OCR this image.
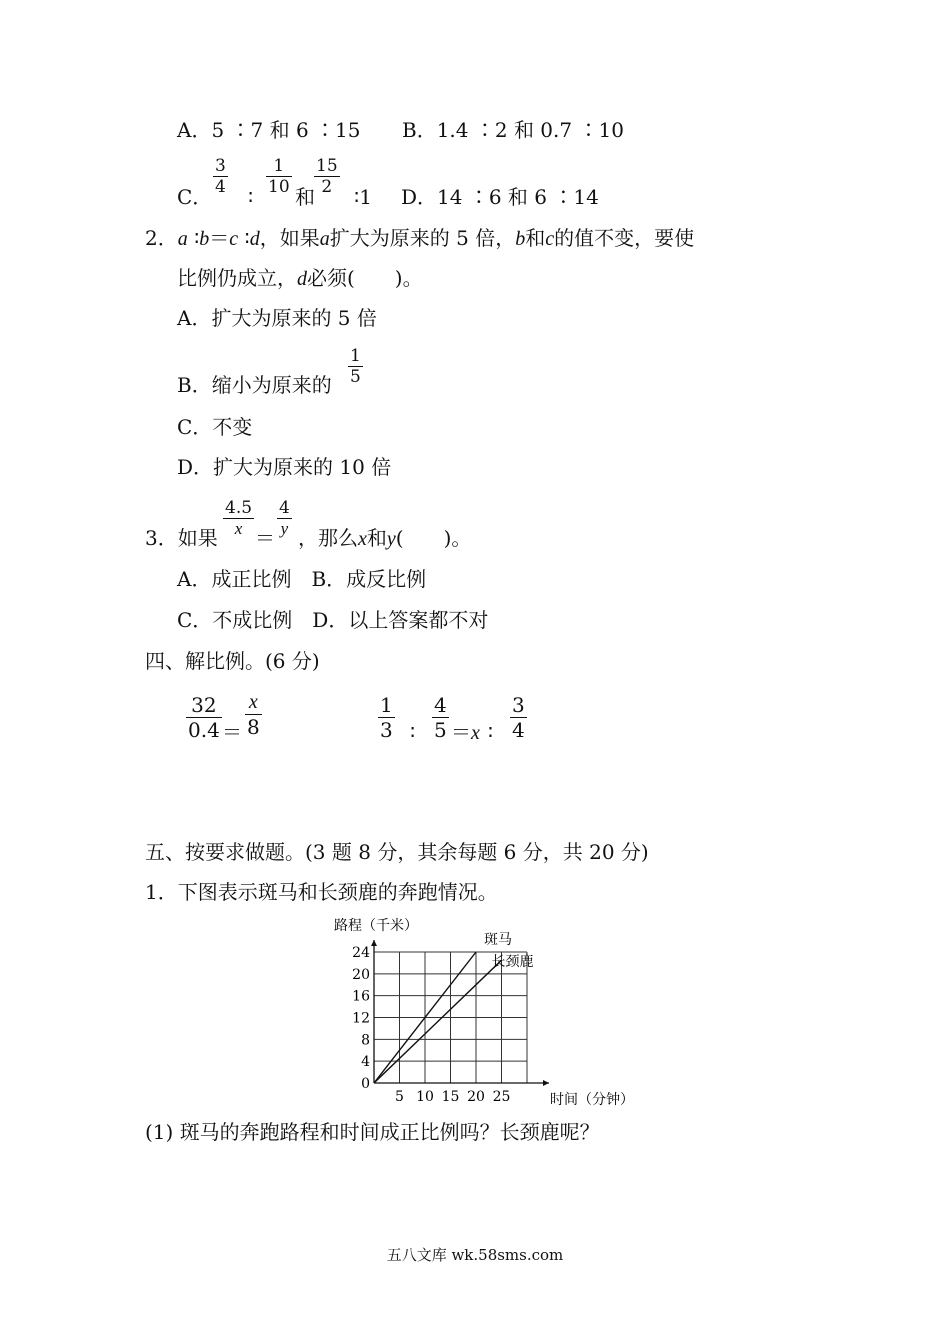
A．5 ∶7 和 6 ∶15 B．1.4 ∶2 和 0.7 ∶10
C．
3
4 ∶
1
10 和
15
2	∶1 D．14 ∶6 和 6 ∶14
2．a ∶b＝c ∶d，如果a扩大为原来的 5 倍，b和c的值不变，要使
比例仍成立，d必须(　　)。
A．扩大为原来的 5 倍
B．缩小为原来的
1
5
C．不变
D．扩大为原来的 10 倍
3．如果
4.5
x ＝
4
y ，那么x和y(　　)。
A．成正比例　B．成反比例
C．不成比例　D．以上答案都不对
四、解比例。(6 分)
32
0.4 ＝
x
8
1
3 ∶
4
5 ＝x ∶
3
4
五、按要求做题。(3 题 8 分，其余每题 6 分，共 20 分)
1．下图表示斑马和长颈鹿的奔跑情况。
5 10 15 20 25
0
4
8
12
16
20
24
斑马
长颈鹿
路程（千米）
时间（分钟）
(1) 斑马的奔跑路程和时间成正比例吗？长颈鹿呢？
五八文库 wk.58sms.com
